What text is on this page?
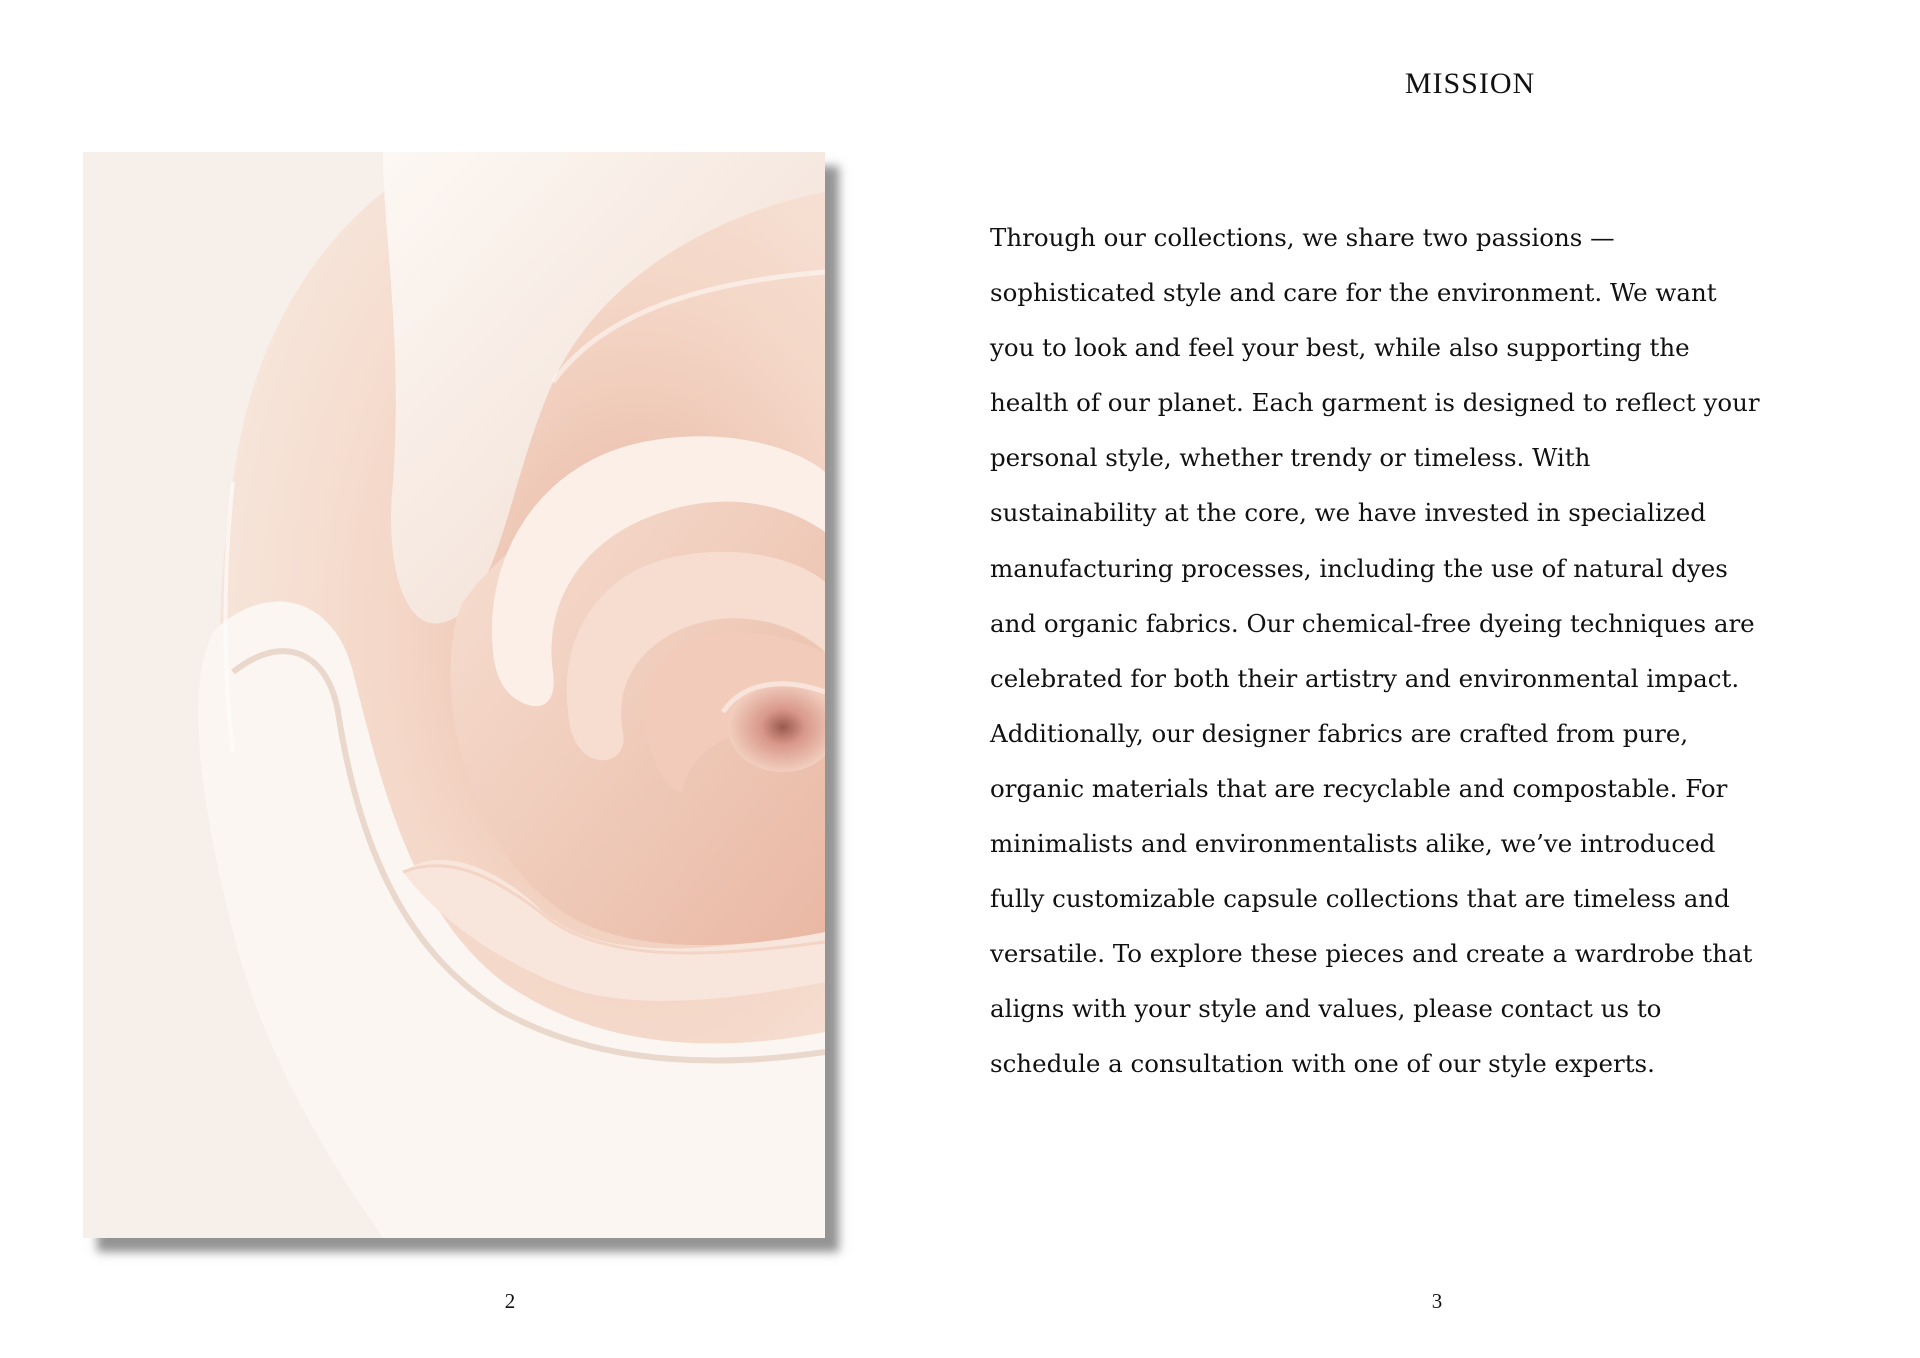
2
MISSION

Through our collections, we share two passions —
sophisticated style and care for the environment. We want
you to look and feel your best, while also supporting the
health of our planet. Each garment is designed to reflect your
personal style, whether trendy or timeless. With
sustainability at the core, we have invested in specialized
manufacturing processes, including the use of natural dyes
and organic fabrics. Our chemical-free dyeing techniques are
celebrated for both their artistry and environmental impact.
Additionally, our designer fabrics are crafted from pure,
organic materials that are recyclable and compostable. For
minimalists and environmentalists alike, we’ve introduced
fully customizable capsule collections that are timeless and
versatile. To explore these pieces and create a wardrobe that
aligns with your style and values, please contact us to
schedule a consultation with one of our style experts.

3
